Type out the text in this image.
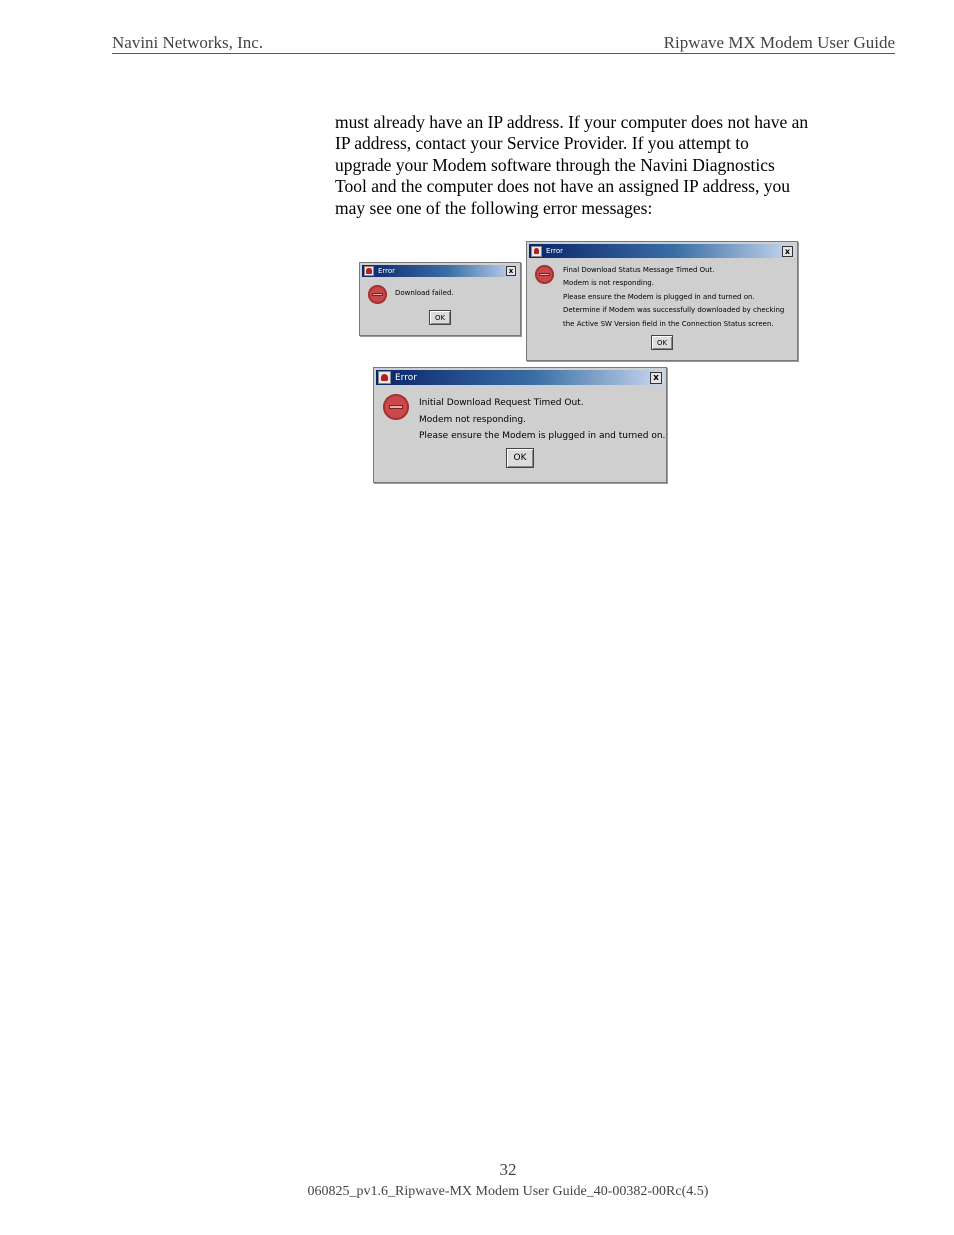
Navini Networks, Inc.	Ripwave MX Modem User Guide
must already have an IP address. If your computer does not have an
IP address, contact your Service Provider. If you attempt to
upgrade your Modem software through the Navini Diagnostics
Tool and the computer does not have an assigned IP address, you
may see one of the following error messages:
Error	x
Download failed.
OK
Error	x
Final Download Status Message Timed Out.
Modem is not responding.
Please ensure the Modem is plugged in and turned on.
Determine if Modem was successfully downloaded by checking
the Active SW Version field in the Connection Status screen.
OK
Error	x
Initial Download Request Timed Out.
Modem not responding.
Please ensure the Modem is plugged in and turned on.
OK
32
060825_pv1.6_Ripwave-MX Modem User Guide_40-00382-00Rc(4.5)
